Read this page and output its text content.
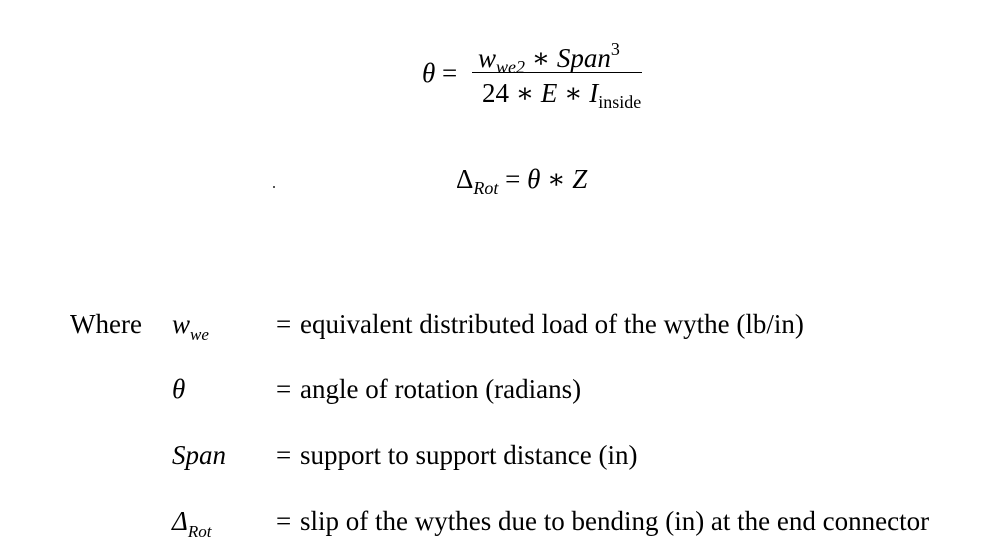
$\theta = w_{we2}$ ∗ Span$^3$
24 ∗ E ∗ $I_{inside}$
$\Delta_{Rot} = \theta$ ∗ Z
Where $w_{we}$ = equivalent distributed load of the wythe (lb/in)
θ	= angle of rotation (radians)
Span = support to support distance (in)
$\Delta_{Rot}$ = slip of the wythes due to bending (in) at the end connector
